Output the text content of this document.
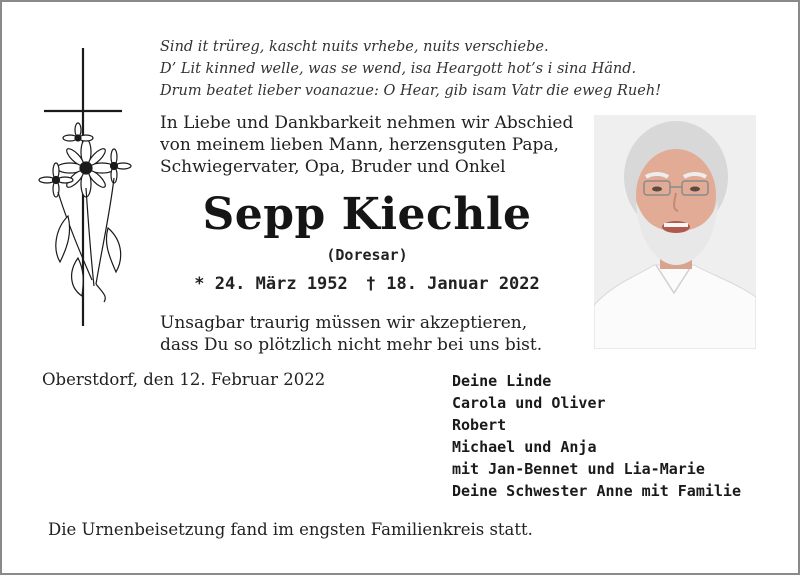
Sind it trüreg, kascht nuits vrhebe, nuits verschiebe.
D’ Lit kinned welle, was se wend, isa Heargott hot’s i sina Händ.
Drum beatet lieber voanazue: O Hear, gib isam Vatr die eweg Rueh!
In Liebe und Dankbarkeit nehmen wir Abschied
von meinem lieben Mann, herzensguten Papa,
Schwiegervater, Opa, Bruder und Onkel
Sepp Kiechle
(Doresar)
* 24. März 1952 † 18. Januar 2022
Unsagbar traurig müssen wir akzeptieren,
dass Du so plötzlich nicht mehr bei uns bist.
Oberstdorf, den 12. Februar 2022	Deine Linde
Carola und Oliver
Robert
Michael und Anja
mit Jan-Bennet und Lia-Marie
Deine Schwester Anne mit Familie
Die Urnenbeisetzung fand im engsten Familienkreis statt.
